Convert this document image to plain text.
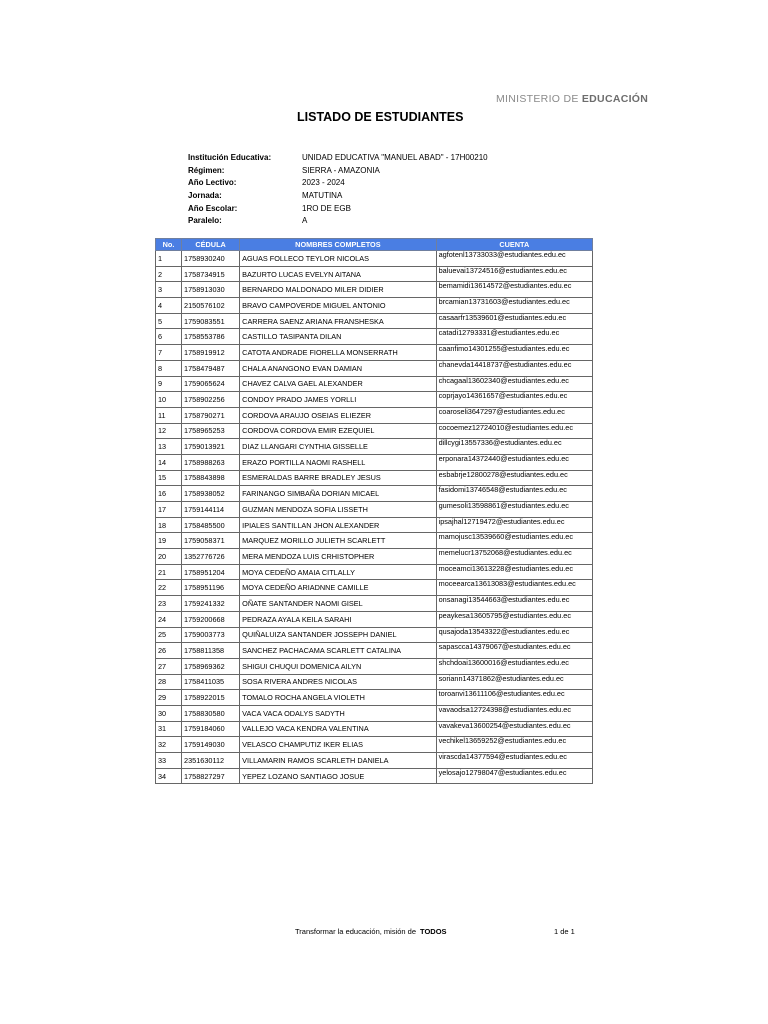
MINISTERIO DE EDUCACIÓN
LISTADO DE ESTUDIANTES
Institución Educativa:	UNIDAD EDUCATIVA "MANUEL ABAD" - 17H00210
Régimen:	SIERRA - AMAZONIA
Año Lectivo:	2023 - 2024
Jornada:	MATUTINA
Año Escolar:	1RO DE EGB
Paralelo:	A
No.	CÉDULA	NOMBRES COMPLETOS	CUENTA
1	1758930240	AGUAS FOLLECO TEYLOR NICOLAS	agfotenl13733033@estudiantes.edu.ec
2	1758734915	BAZURTO LUCAS EVELYN AITANA	baluevai13724516@estudiantes.edu.ec
3	1758913030	BERNARDO MALDONADO MILER DIDIER	bemamidi13614572@estudiantes.edu.ec
4	2150576102	BRAVO CAMPOVERDE MIGUEL ANTONIO	brcamian13731603@estudiantes.edu.ec
5	1759083551	CARRERA SAENZ ARIANA FRANSHESKA	casaarfr13539601@estudiantes.edu.ec
6	1758553786	CASTILLO TASIPANTA DILAN	catadi12793331@estudiantes.edu.ec
7	1758919912	CATOTA ANDRADE FIORELLA MONSERRATH	caanfimo14301255@estudiantes.edu.ec
8	1758479487	CHALA ANANGONO EVAN DAMIAN	chanevda14418737@estudiantes.edu.ec
9	1759065624	CHAVEZ CALVA GAEL ALEXANDER	chcagaal13602340@estudiantes.edu.ec
10	1758902256	CONDOY PRADO JAMES YORLLI	coprjayo14361657@estudiantes.edu.ec
11	1758790271	CORDOVA ARAUJO OSEIAS ELIEZER	coaroseli3647297@estudiantes.edu.ec
12	1758965253	CORDOVA CORDOVA EMIR EZEQUIEL	cocoemez12724010@estudiantes.edu.ec
13	1759013921	DIAZ LLANGARI CYNTHIA GISSELLE	dillcygi13557336@estudiantes.edu.ec
14	1758988263	ERAZO PORTILLA NAOMI RASHELL	erponara14372440@estudiantes.edu.ec
15	1758843898	ESMERALDAS BARRE BRADLEY JESUS	esbabrje12800278@estudiantes.edu.ec
16	1758938052	FARINANGO SIMBAÑA DORIAN MICAEL	fasidomi13746548@estudiantes.edu.ec
17	1759144114	GUZMAN MENDOZA SOFIA LISSETH	gumesoli13598861@estudiantes.edu.ec
18	1758485500	IPIALES SANTILLAN JHON ALEXANDER	ipsajhal12719472@estudiantes.edu.ec
19	1759058371	MARQUEZ MORILLO JULIETH SCARLETT	mamojusc13539660@estudiantes.edu.ec
20	1352776726	MERA MENDOZA LUIS CRHISTOPHER	memelucr13752068@estudiantes.edu.ec
21	1758951204	MOYA CEDEÑO AMAIA CITLALLY	moceamci13613228@estudiantes.edu.ec
22	1758951196	MOYA CEDEÑO ARIADNNE CAMILLE	moceearca13613083@estudiantes.edu.ec
23	1759241332	OÑATE SANTANDER NAOMI GISEL	onsanagi13544663@estudiantes.edu.ec
24	1759200668	PEDRAZA AYALA KEILA SARAHI	peaykesa13605795@estudiantes.edu.ec
25	1759003773	QUIÑALUIZA SANTANDER JOSSEPH DANIEL	qusajoda13543322@estudiantes.edu.ec
26	1758811358	SANCHEZ PACHACAMA SCARLETT CATALINA	sapascca14379067@estudiantes.edu.ec
27	1758969362	SHIGUI CHUQUI DOMENICA AILYN	shchdoai13600016@estudiantes.edu.ec
28	1758411035	SOSA RIVERA ANDRES NICOLAS	soriann14371862@estudiantes.edu.ec
29	1758922015	TOMALO ROCHA ANGELA VIOLETH	toroanvi13611106@estudiantes.edu.ec
30	1758830580	VACA VACA ODALYS SADYTH	vavaodsa12724398@estudiantes.edu.ec
31	1759184060	VALLEJO VACA KENDRA VALENTINA	vavakeva13600254@estudiantes.edu.ec
32	1759149030	VELASCO CHAMPUTIZ IKER ELIAS	vechikel13659252@estudiantes.edu.ec
33	2351630112	VILLAMARIN RAMOS SCARLETH DANIELA	virascda14377594@estudiantes.edu.ec
34	1758827297	YEPEZ LOZANO SANTIAGO JOSUE	yelosajo12798047@estudiantes.edu.ec
Transformar la educación, misión de TODOS	1 de 1
